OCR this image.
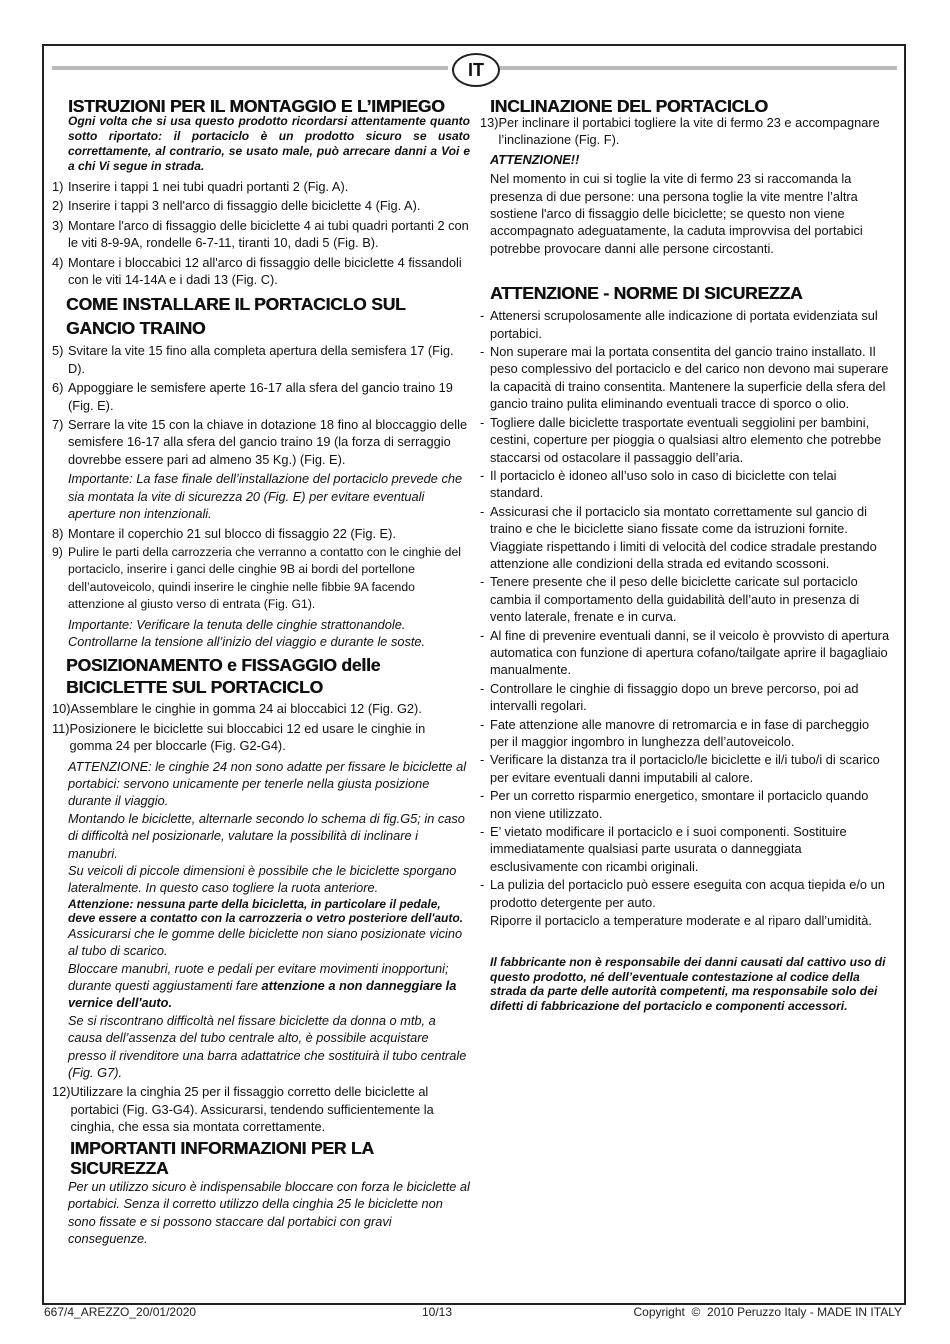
IT
ISTRUZIONI PER IL MONTAGGIO E L’IMPIEGO
Ogni volta che si usa questo prodotto ricordarsi attentamente quanto sotto riportato: il portaciclo è un prodotto sicuro se usato correttamente, al contrario, se usato male, può arrecare danni a Voi e a chi Vi segue in strada.
1) Inserire i tappi 1 nei tubi quadri portanti 2 (Fig. A).
2) Inserire i tappi 3 nell'arco di fissaggio delle biciclette 4 (Fig. A).
3) Montare l'arco di fissaggio delle biciclette 4 ai tubi quadri portanti 2 con le viti 8-9-9A, rondelle 6-7-11, tiranti 10, dadi 5 (Fig. B).
4) Montare i bloccabici 12 all'arco di fissaggio delle biciclette 4 fissandoli con le viti 14-14A e i dadi 13 (Fig. C).
COME INSTALLARE IL PORTACICLO SUL GANCIO TRAINO
5) Svitare la vite 15 fino alla completa apertura della semisfera 17 (Fig. D).
6) Appoggiare le semisfere aperte 16-17 alla sfera del gancio traino 19 (Fig. E).
7) Serrare la vite 15 con la chiave in dotazione 18 fino al bloccaggio delle semisfere 16-17 alla sfera del gancio traino 19 (la forza di serraggio dovrebbe essere pari ad almeno 35 Kg.) (Fig. E).
Importante: La fase finale dell’installazione del portaciclo prevede che sia montata la vite di sicurezza 20 (Fig. E) per evitare eventuali aperture non intenzionali.
8) Montare il coperchio 21 sul blocco di fissaggio 22 (Fig. E).
9) Pulire le parti della carrozzeria che verranno a contatto con le cinghie del portaciclo, inserire i ganci delle cinghie 9B ai bordi del portellone dell’autoveicolo, quindi inserire le cinghie nelle fibbie 9A facendo attenzione al giusto verso di entrata (Fig. G1).
Importante: Verificare la tenuta delle cinghie strattonandole. Controllarne la tensione all’inizio del viaggio e durante le soste.
POSIZIONAMENTO e FISSAGGIO delle BICICLETTE SUL PORTACICLO
10) Assemblare le cinghie in gomma 24 ai bloccabici 12 (Fig. G2).
11) Posizionere le biciclette sui bloccabici 12 ed usare le cinghie in gomma 24 per bloccarle (Fig. G2-G4).
ATTENZIONE: le cinghie 24 non sono adatte per fissare le biciclette al portabici: servono unicamente per tenerle nella giusta posizione durante il viaggio.
Montando le biciclette, alternarle secondo lo schema di fig.G5; in caso di difficoltà nel posizionarle, valutare la possibilità di inclinare i manubri.
Su veicoli di piccole dimensioni è possibile che le biciclette sporgano lateralmente. In questo caso togliere la ruota anteriore.
Attenzione: nessuna parte della bicicletta, in particolare il pedale, deve essere a contatto con la carrozzeria o vetro posteriore dell'auto.
Assicurarsi che le gomme delle biciclette non siano posizionate vicino al tubo di scarico.
Bloccare manubri, ruote e pedali per evitare movimenti inopportuni; durante questi aggiustamenti fare attenzione a non danneggiare la vernice dell'auto.
Se si riscontrano difficoltà nel fissare biciclette da donna o mtb, a causa dell’assenza del tubo centrale alto, è possibile acquistare presso il rivenditore una barra adattatrice che sostituirà il tubo centrale (Fig. G7).
12) Utilizzare la cinghia 25 per il fissaggio corretto delle biciclette al portabici (Fig. G3-G4). Assicurarsi, tendendo sufficientemente la cinghia, che essa sia montata correttamente.
IMPORTANTI INFORMAZIONI PER LA SICUREZZA
Per un utilizzo sicuro è indispensabile bloccare con forza le biciclette al portabici. Senza il corretto utilizzo della cinghia 25 le biciclette non sono fissate e si possono staccare dal portabici con gravi conseguenze.
INCLINAZIONE DEL PORTACICLO
13) Per inclinare il portabici togliere la vite di fermo 23 e accompagnare l’inclinazione (Fig. F).
ATTENZIONE!!
Nel momento in cui si toglie la vite di fermo 23 si raccomanda la presenza di due persone: una persona toglie la vite mentre l’altra sostiene l'arco di fissaggio delle biciclette; se questo non viene accompagnato adeguatamente, la caduta improvvisa del portabici potrebbe provocare danni alle persone circostanti.
ATTENZIONE - NORME DI SICUREZZA
- Attenersi scrupolosamente alle indicazione di portata evidenziata sul portabici.
- Non superare mai la portata consentita del gancio traino installato. Il peso complessivo del portaciclo e del carico non devono mai superare la capacità di traino consentita. Mantenere la superficie della sfera del gancio traino pulita eliminando eventuali tracce di sporco o olio.
- Togliere dalle biciclette trasportate eventuali seggiolini per bambini, cestini, coperture per pioggia o qualsiasi altro elemento che potrebbe staccarsi od ostacolare il passaggio dell’aria.
- Il portaciclo è idoneo all’uso solo in caso di biciclette con telai standard.
- Assicurasi che il portaciclo sia montato correttamente sul gancio di traino e che le biciclette siano fissate come da istruzioni fornite. Viaggiate rispettando i limiti di velocità del codice stradale prestando attenzione alle condizioni della strada ed evitando scossoni.
- Tenere presente che il peso delle biciclette caricate sul portaciclo cambia il comportamento della guidabilità dell’auto in presenza di vento laterale, frenate e in curva.
- Al fine di prevenire eventuali danni, se il veicolo è provvisto di apertura automatica con funzione di apertura cofano/tailgate aprire il bagagliaio manualmente.
- Controllare le cinghie di fissaggio dopo un breve percorso, poi ad intervalli regolari.
- Fate attenzione alle manovre di retromarcia e in fase di parcheggio per il maggior ingombro in lunghezza dell’autoveicolo.
- Verificare la distanza tra il portaciclo/le biciclette e il/i tubo/i di scarico per evitare eventuali danni imputabili al calore.
- Per un corretto risparmio energetico, smontare il portaciclo quando non viene utilizzato.
- E’ vietato modificare il portaciclo e i suoi componenti. Sostituire immediatamente qualsiasi parte usurata o danneggiata esclusivamente con ricambi originali.
- La pulizia del portaciclo può essere eseguita con acqua tiepida e/o un prodotto detergente per auto.
Riporre il portaciclo a temperature moderate e al riparo dall’umidità.
Il fabbricante non è responsabile dei danni causati dal cattivo uso di questo prodotto, né dell’eventuale contestazione al codice della strada da parte delle autorità competenti, ma responsabile solo dei difetti di fabbricazione del portaciclo e componenti accessori.
667/4_AREZZO_20/01/2020	10/13	Copyright  ©  2010 Peruzzo Italy - MADE IN ITALY
